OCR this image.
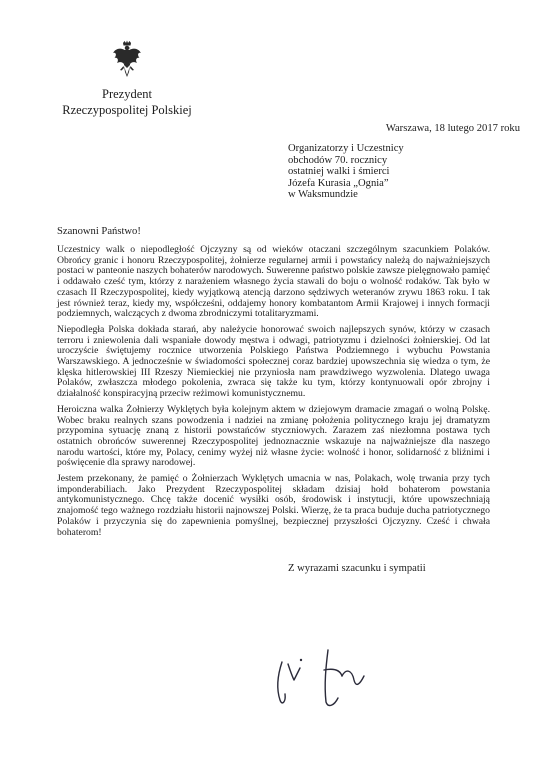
Prezydent
Rzeczypospolitej Polskiej
Warszawa, 18 lutego 2017 roku
Organizatorzy i Uczestnicy
obchodów 70. rocznicy
ostatniej walki i śmierci
Józefa Kurasia „Ognia”
w Waksmundzie
Szanowni Państwo!

Uczestnicy walk o niepodległość Ojczyzny są od wieków otaczani szczególnym szacunkiem Polaków. Obrońcy granic i honoru Rzeczypospolitej, żołnierze regularnej armii i powstańcy należą do najważniejszych postaci w panteonie naszych bohaterów narodowych. Suwerenne państwo polskie zawsze pielęgnowało pamięć i oddawało cześć tym, którzy z narażeniem własnego życia stawali do boju o wolność rodaków. Tak było w czasach II Rzeczypospolitej, kiedy wyjątkową atencją darzono sędziwych weteranów zrywu 1863 roku. I tak jest również teraz, kiedy my, współcześni, oddajemy honory kombatantom Armii Krajowej i innych formacji podziemnych, walczących z dwoma zbrodniczymi totalitaryzmami.

Niepodległa Polska dokłada starań, aby należycie honorować swoich najlepszych synów, którzy w czasach terroru i zniewolenia dali wspaniałe dowody męstwa i odwagi, patriotyzmu i dzielności żołnierskiej. Od lat uroczyście świętujemy rocznice utworzenia Polskiego Państwa Podziemnego i wybuchu Powstania Warszawskiego. A jednocześnie w świadomości społecznej coraz bardziej upowszechnia się wiedza o tym, że klęska hitlerowskiej III Rzeszy Niemieckiej nie przyniosła nam prawdziwego wyzwolenia. Dlatego uwaga Polaków, zwłaszcza młodego pokolenia, zwraca się także ku tym, którzy kontynuowali opór zbrojny i działalność konspiracyjną przeciw reżimowi komunistycznemu.

Heroiczna walka Żołnierzy Wyklętych była kolejnym aktem w dziejowym dramacie zmagań o wolną Polskę. Wobec braku realnych szans powodzenia i nadziei na zmianę położenia politycznego kraju jej dramatyzm przypomina sytuację znaną z historii powstańców styczniowych. Zarazem zaś niezłomna postawa tych ostatnich obrońców suwerennej Rzeczypospolitej jednoznacznie wskazuje na najważniejsze dla naszego narodu wartości, które my, Polacy, cenimy wyżej niż własne życie: wolność i honor, solidarność z bliźnimi i poświęcenie dla sprawy narodowej.

Jestem przekonany, że pamięć o Żołnierzach Wyklętych umacnia w nas, Polakach, wolę trwania przy tych imponderabiliach. Jako Prezydent Rzeczypospolitej składam dzisiaj hołd bohaterom powstania antykomunistycznego. Chcę także docenić wysiłki osób, środowisk i instytucji, które upowszechniają znajomość tego ważnego rozdziału historii najnowszej Polski. Wierzę, że ta praca buduje ducha patriotycznego Polaków i przyczynia się do zapewnienia pomyślnej, bezpiecznej przyszłości Ojczyzny. Cześć i chwała bohaterom!

Z wyrazami szacunku i sympatii
